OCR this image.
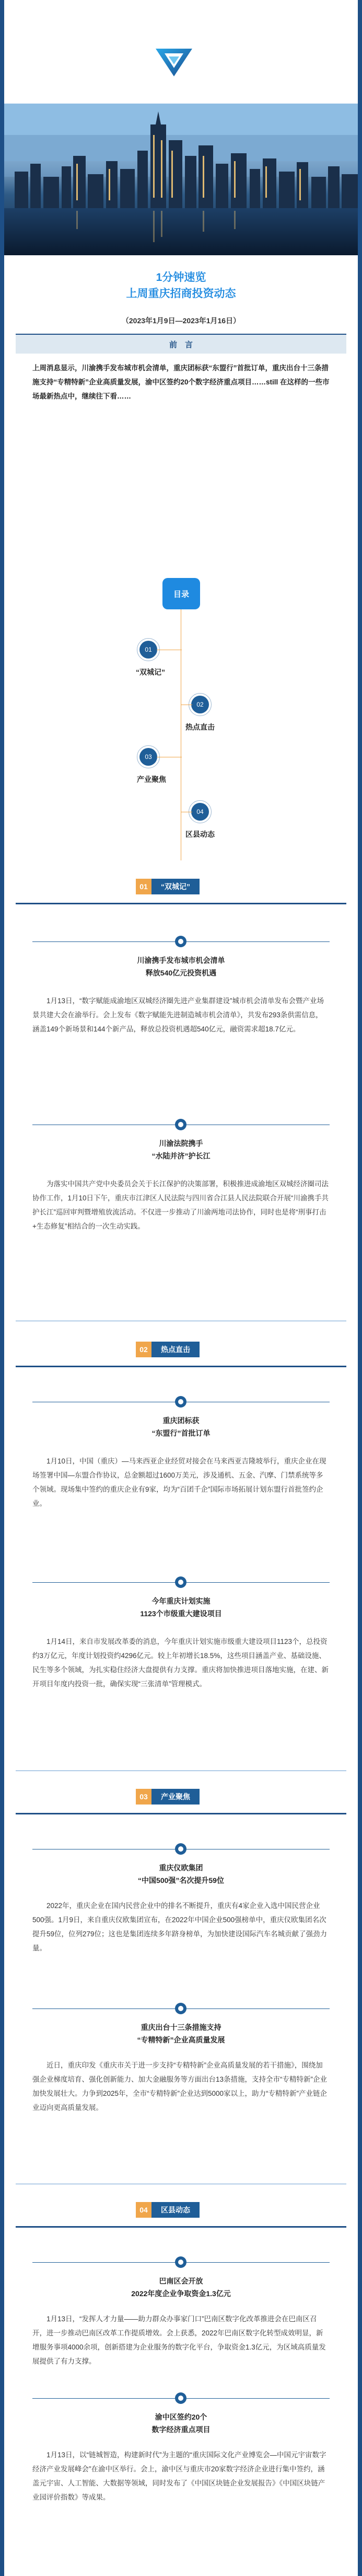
1分钟速览
上周重庆招商投资动态
（2023年1月9日—2023年1月16日）
前　言
上周消息显示，川渝携手发布城市机会清单，重庆团标获“东盟行”首批订单，重庆出台十三条措施支持“专精特新”企业高质量发展，渝中区签约20个数字经济重点项目……still 在这样的一些市场最新热点中，继续往下看……
目录
01
“双城记”
02
热点直击
03
产业聚焦
04
区县动态
01	“双城记”
川渝携手发布城市机会清单
释放540亿元投资机遇
1月13日，“数字赋能成渝地区双城经济圈先进产业集群建设”城市机会清单发布会暨产业场景共建大会在渝举行。会上发布《数字赋能先进制造城市机会清单》，共发布293条供需信息，涵盖149个新场景和144个新产品，释放总投资机遇超540亿元，融资需求超18.7亿元。
川渝法院携手
“水陆并济”护长江
为落实中国共产党中央委员会关于长江保护的决策部署，积极推进成渝地区双城经济圈司法协作工作，1月10日下午，重庆市江津区人民法院与四川省合江县人民法院联合开展“川渝携手共护长江”巡回审判暨增殖放流活动。不仅进一步推动了川渝两地司法协作，同时也是将“刑事打击+生态修复”相结合的一次生动实践。
02	热点直击
重庆团标获
“东盟行”首批订单
1月10日，中国（重庆）—马来西亚企业经贸对接会在马来西亚吉隆坡举行，重庆企业在现场签署中国—东盟合作协议，总金额超过1600万美元，涉及通机、五金、汽摩、门禁系统等多个领域。现场集中签约的重庆企业有9家，均为“百团千企”国际市场拓展计划东盟行首批签约企业。
今年重庆计划实施
1123个市级重大建设项目
1月14日，来自市发展改革委的消息，今年重庆计划实施市级重大建设项目1123个，总投资约3万亿元，年度计划投资约4296亿元。较上年初增长18.5%，这些项目涵盖产业、基础设施、民生等多个领域，为扎实稳住经济大盘提供有力支撑。重庆将加快推进项目落地实施，在建、新开项目年度内投资一批，确保实现“三张清单”管理模式。
03	产业聚焦
重庆仪欧集团
“中国500强”名次提升59位
2022年，重庆企业在国内民营企业中的排名不断提升，重庆有4家企业入选中国民营企业500强。1月9日，来自重庆仪欧集团宣布，在2022年中国企业500强榜单中，重庆仪欧集团名次提升59位，位列279位；这也是集团连续多年跻身榜单，为加快建设国际汽车名城贡献了强劲力量。
重庆出台十三条措施支持
“专精特新”企业高质量发展
近日，重庆印发《重庆市关于进一步支持“专精特新”企业高质量发展的若干措施》，围绕加强企业梯度培育、强化创新能力、加大金融服务等方面出台13条措施，支持全市“专精特新”企业加快发展壮大。力争到2025年，全市“专精特新”企业达到5000家以上，助力“专精特新”产业链企业迈向更高质量发展。
04	区县动态
巴南区会开放
2022年度企业争取资金1.3亿元
1月13日，“发挥人才力量——助力群众办事家门口”巴南区数字化改革推进会在巴南区召开，进一步推动巴南区改革工作提质增效。会上获悉，2022年巴南区数字化转型成效明显，新增服务事项4000余项，创新搭建为企业服务的数字化平台，争取资金1.3亿元，为区域高质量发展提供了有力支撑。
渝中区签约20个
数字经济重点项目
1月13日，以“链城智造，构建新时代”为主题的“重庆国际文化产业博览会—中国元宇宙数字经济产业发展峰会”在渝中区举行。会上，渝中区与重庆市20家数字经济企业进行集中签约，涵盖元宇宙、人工智能、大数据等领域，同时发布了《中国区块链企业发展报告》《中国区块链产业园评价指数》等成果。
